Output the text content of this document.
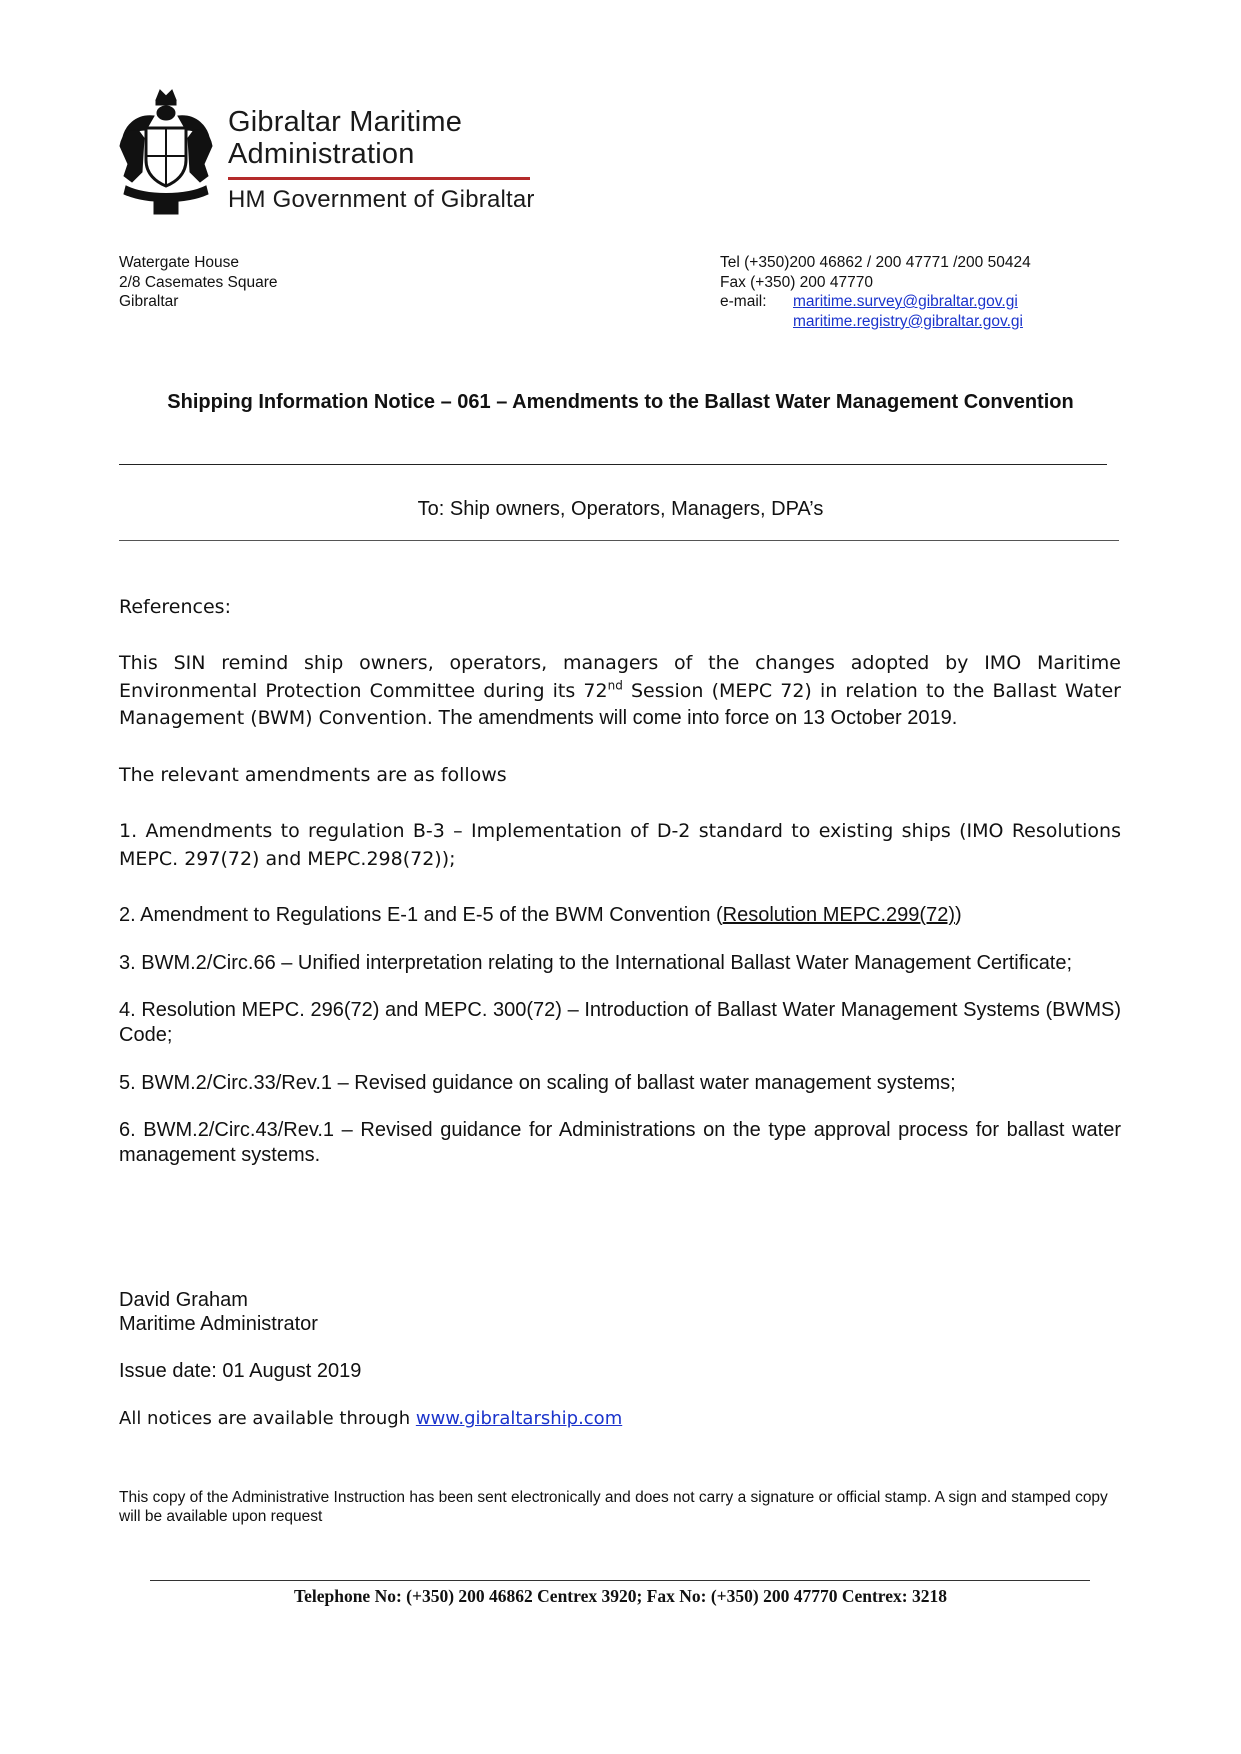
Gibraltar Maritime
Administration
HM Government of Gibraltar
Watergate House
2/8 Casemates Square
Gibraltar
Tel (+350)200 46862 / 200 47771 /200 50424
Fax (+350) 200 47770
e-mail: maritime.survey@gibraltar.gov.gi
maritime.registry@gibraltar.gov.gi
Shipping Information Notice – 061 – Amendments to the Ballast Water Management Convention
To: Ship owners, Operators, Managers, DPA’s
References:
This SIN remind ship owners, operators, managers of the changes adopted by IMO Maritime Environmental Protection Committee during its 72nd Session (MEPC 72) in relation to the Ballast Water Management (BWM) Convention. The amendments will come into force on 13 October 2019.
The relevant amendments are as follows
1. Amendments to regulation B-3 – Implementation of D-2 standard to existing ships (IMO Resolutions MEPC. 297(72) and MEPC.298(72));
2. Amendment to Regulations E-1 and E-5 of the BWM Convention (Resolution MEPC.299(72))
3. BWM.2/Circ.66 – Unified interpretation relating to the International Ballast Water Management Certificate;
4. Resolution MEPC. 296(72) and MEPC. 300(72) – Introduction of Ballast Water Management Systems (BWMS) Code;
5. BWM.2/Circ.33/Rev.1 – Revised guidance on scaling of ballast water management systems;
6. BWM.2/Circ.43/Rev.1 – Revised guidance for Administrations on the type approval process for ballast water management systems.
David Graham
Maritime Administrator
Issue date: 01 August 2019
All notices are available through www.gibraltarship.com
This copy of the Administrative Instruction has been sent electronically and does not carry a signature or official stamp. A sign and stamped copy will be available upon request
Telephone No: (+350) 200 46862 Centrex 3920; Fax No: (+350) 200 47770 Centrex: 3218
